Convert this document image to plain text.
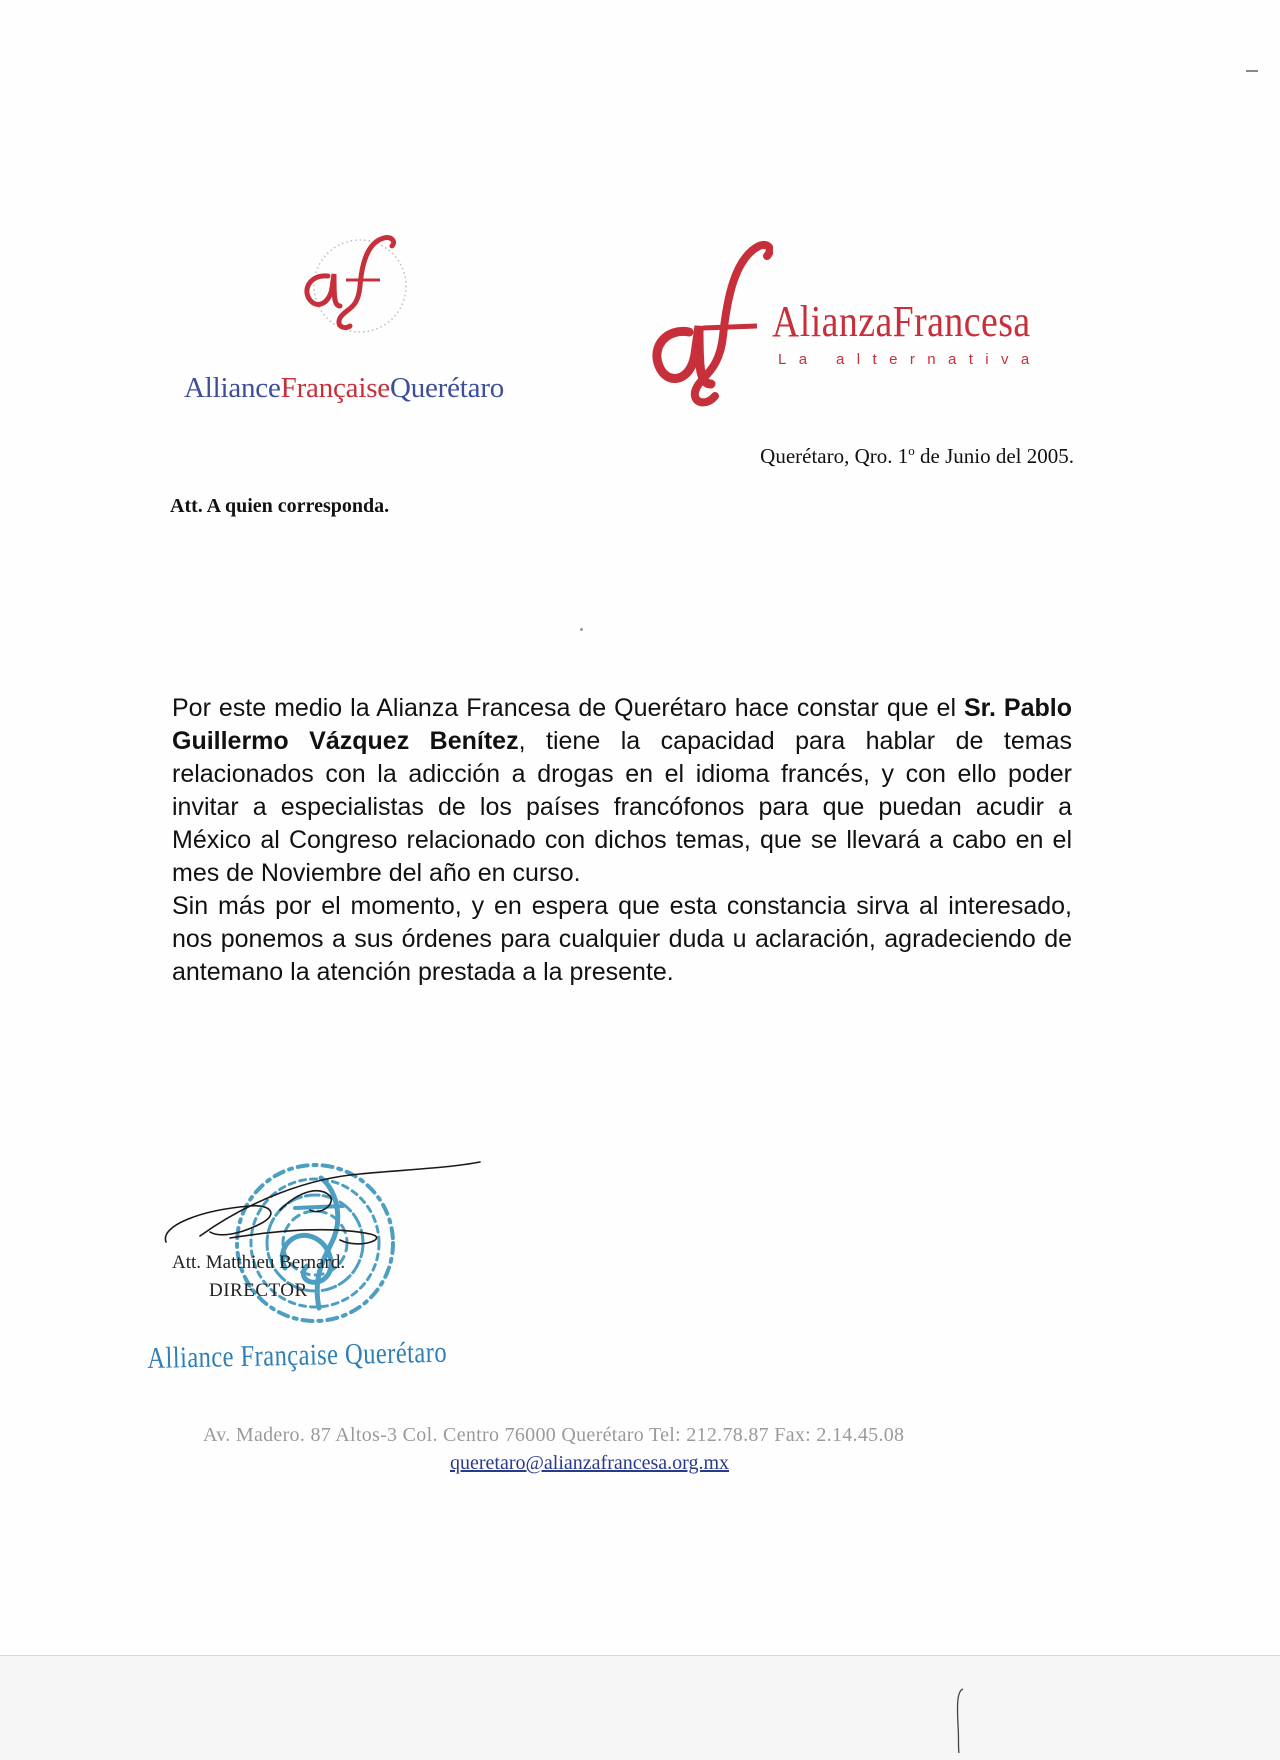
AllianceFrançaiseQuerétaro
AlianzaFrancesa
La alternativa
Querétaro, Qro. 1$^o$ de Junio del 2005.
Att. A quien corresponda.

Por este medio la Alianza Francesa de Querétaro hace constar que el Sr. Pablo Guillermo Vázquez Benítez, tiene la capacidad para hablar de temas relacionados con la adicción a drogas en el idioma francés, y con ello poder invitar a especialistas de los países francófonos para que puedan acudir a México al Congreso relacionado con dichos temas, que se llevará a cabo en el mes de Noviembre del año en curso.

Sin más por el momento, y en espera que esta constancia sirva al interesado, nos ponemos a sus órdenes para cualquier duda u aclaración, agradeciendo de antemano la atención prestada a la presente.

Att. Matthieu Bernard.
DIRECTOR
Alliance Française Querétaro
Av. Madero. 87 Altos-3 Col. Centro 76000 Querétaro Tel: 212.78.87 Fax: 2.14.45.08
queretaro@alianzafrancesa.org.mx
